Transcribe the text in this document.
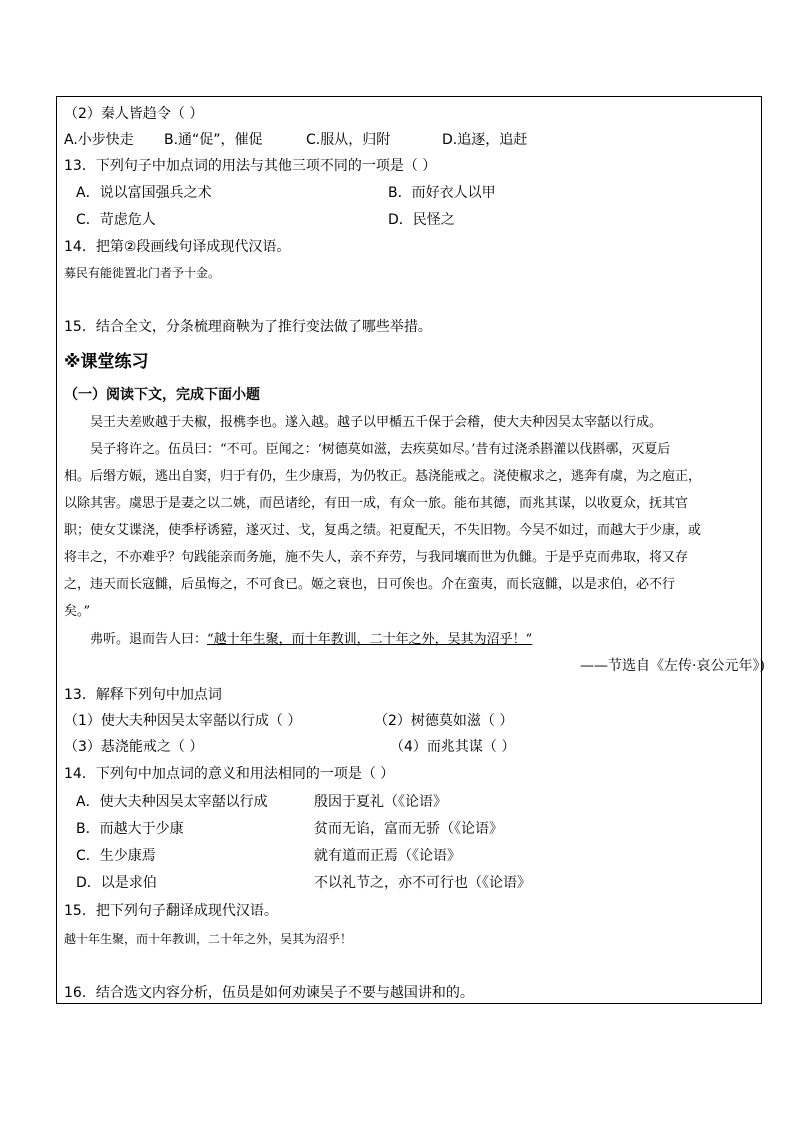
（2）秦人皆趋令（ ）
A.小步快走 B.通“促”，催促	C.服从，归附	D.追逐，追赶
13．下列句子中加点词的用法与其他三项不同的一项是（ ）
A．说以富国强兵之术	B．而好衣人以甲
C．苛虑危人	D．民怪之
14．把第②段画线句译成现代汉语。
募民有能徙置北门者予十金。
15．结合全文，分条梳理商鞅为了推行变法做了哪些举措。
※课堂练习
（一）阅读下文，完成下面小题
吴王夫差败越于夫椒，报槜李也。遂入越。越子以甲楯五千保于会稽，使大夫种因吴太宰嚭以行成。
吴子将许之。伍员曰：“不可。臣闻之：‘树德莫如滋，去疾莫如尽。’昔有过浇杀斟灌以伐斟鄩，灭夏后
相。后缗方娠，逃出自窦，归于有仍，生少康焉，为仍牧正。惎浇能戒之。浇使椒求之，逃奔有虞，为之庖正，
以除其害。虞思于是妻之以二姚，而邑诸纶，有田一成，有众一旅。能布其德，而兆其谋，以收夏众，抚其官
职；使女艾谍浇，使季杼诱豷，遂灭过、戈，复禹之绩。祀夏配天，不失旧物。今吴不如过，而越大于少康，或
将丰之，不亦难乎？句践能亲而务施，施不失人，亲不弃劳，与我同壤而世为仇雠。于是乎克而弗取，将又存
之，违天而长寇雠，后虽悔之，不可食已。姬之衰也，日可俟也。介在蛮夷，而长寇雠，以是求伯，必不行
矣。”
弗听。退而告人曰：“越十年生聚，而十年教训，二十年之外，吴其为沼乎！”
——节选自《左传·哀公元年》)
13．解释下列句中加点词
（1）使大夫种因吴太宰嚭以行成（ ）	（2）树德莫如滋（ ）
（3）惎浇能戒之（ ）	（4）而兆其谋（ ）
14．下列句中加点词的意义和用法相同的一项是（ ）
A．使大夫种因吴太宰嚭以行成	殷因于夏礼（《论语》
B．而越大于少康	贫而无谄，富而无骄（《论语》
C．生少康焉	就有道而正焉（《论语》
D．以是求伯	不以礼节之，亦不可行也（《论语》
15．把下列句子翻译成现代汉语。
越十年生聚，而十年教训，二十年之外，吴其为沼乎！
16．结合选文内容分析，伍员是如何劝谏吴子不要与越国讲和的。
